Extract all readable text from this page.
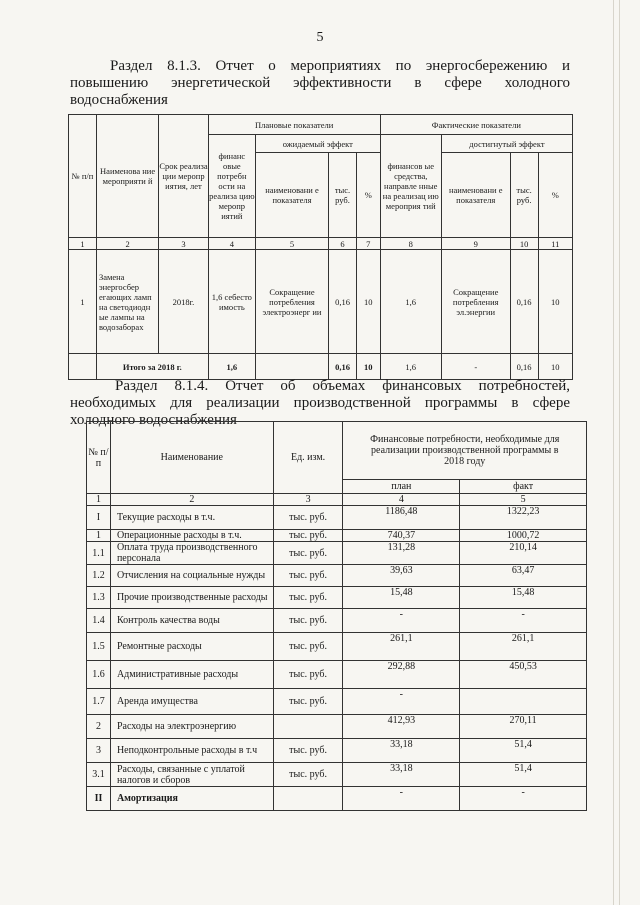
5
Раздел 8.1.3. Отчет о мероприятиях по энергосбережению и
повышению энергетической эффективности в сфере холодного
водоснабжения
№ п/п	Наименова ние мероприяти й	Срок реализа ции меропр иятия, лет	Плановые показатели				Фактические показатели			
			финанс овые потребн ости на реализа цию меропр иятий	ожидаемый эффект			финансов ые средства, направле нные на реализац ию мероприя тий	достигнутый эффект		
				наименовани е показателя	тыс. руб.	%		наименовани е показателя	тыс. руб.	%
1	2	3	4	5	6	7	8	9	10	11
1	Замена энергосбер егающих ламп на светодиодн ые лампы на водозаборах	2018г.	1,6 себесто имость	Сокращение потребления электроэнерг ии	0,16	10	1,6	Сокращение потребления эл.энергии	0,16	10
	Итого за 2018 г.		1,6		0,16	10	1,6	-	0,16	10
Раздел 8.1.4. Отчет об объемах финансовых потребностей,
необходимых для реализации производственной программы в сфере
холодного водоснабжения
№ п/п	Наименование	Ед. изм.	Финансовые потребности, необходимые для реализации производственной программы в 2018 году	
			план	факт
1	2	3	4	5
I	Текущие расходы в т.ч.	тыс. руб.	1186,48	1322,23
1	Операционные расходы в т.ч.	тыс. руб.	740,37	1000,72
1.1	Оплата труда производственного персонала	тыс. руб.	131,28	210,14
1.2	Отчисления на социальные нужды	тыс. руб.	39,63	63,47
1.3	Прочие производственные расходы	тыс. руб.	15,48	15,48
1.4	Контроль качества воды	тыс. руб.	-	-
1.5	Ремонтные расходы	тыс. руб.	261,1	261,1
1.6	Административные расходы	тыс. руб.	292,88	450,53
1.7	Аренда имущества	тыс. руб.	-	
2	Расходы на электроэнергию		412,93	270,11
3	Неподконтрольные расходы в т.ч	тыс. руб.	33,18	51,4
3.1	Расходы, связанные с уплатой налогов и сборов	тыс. руб.	33,18	51,4
II	Амортизация		-	-
